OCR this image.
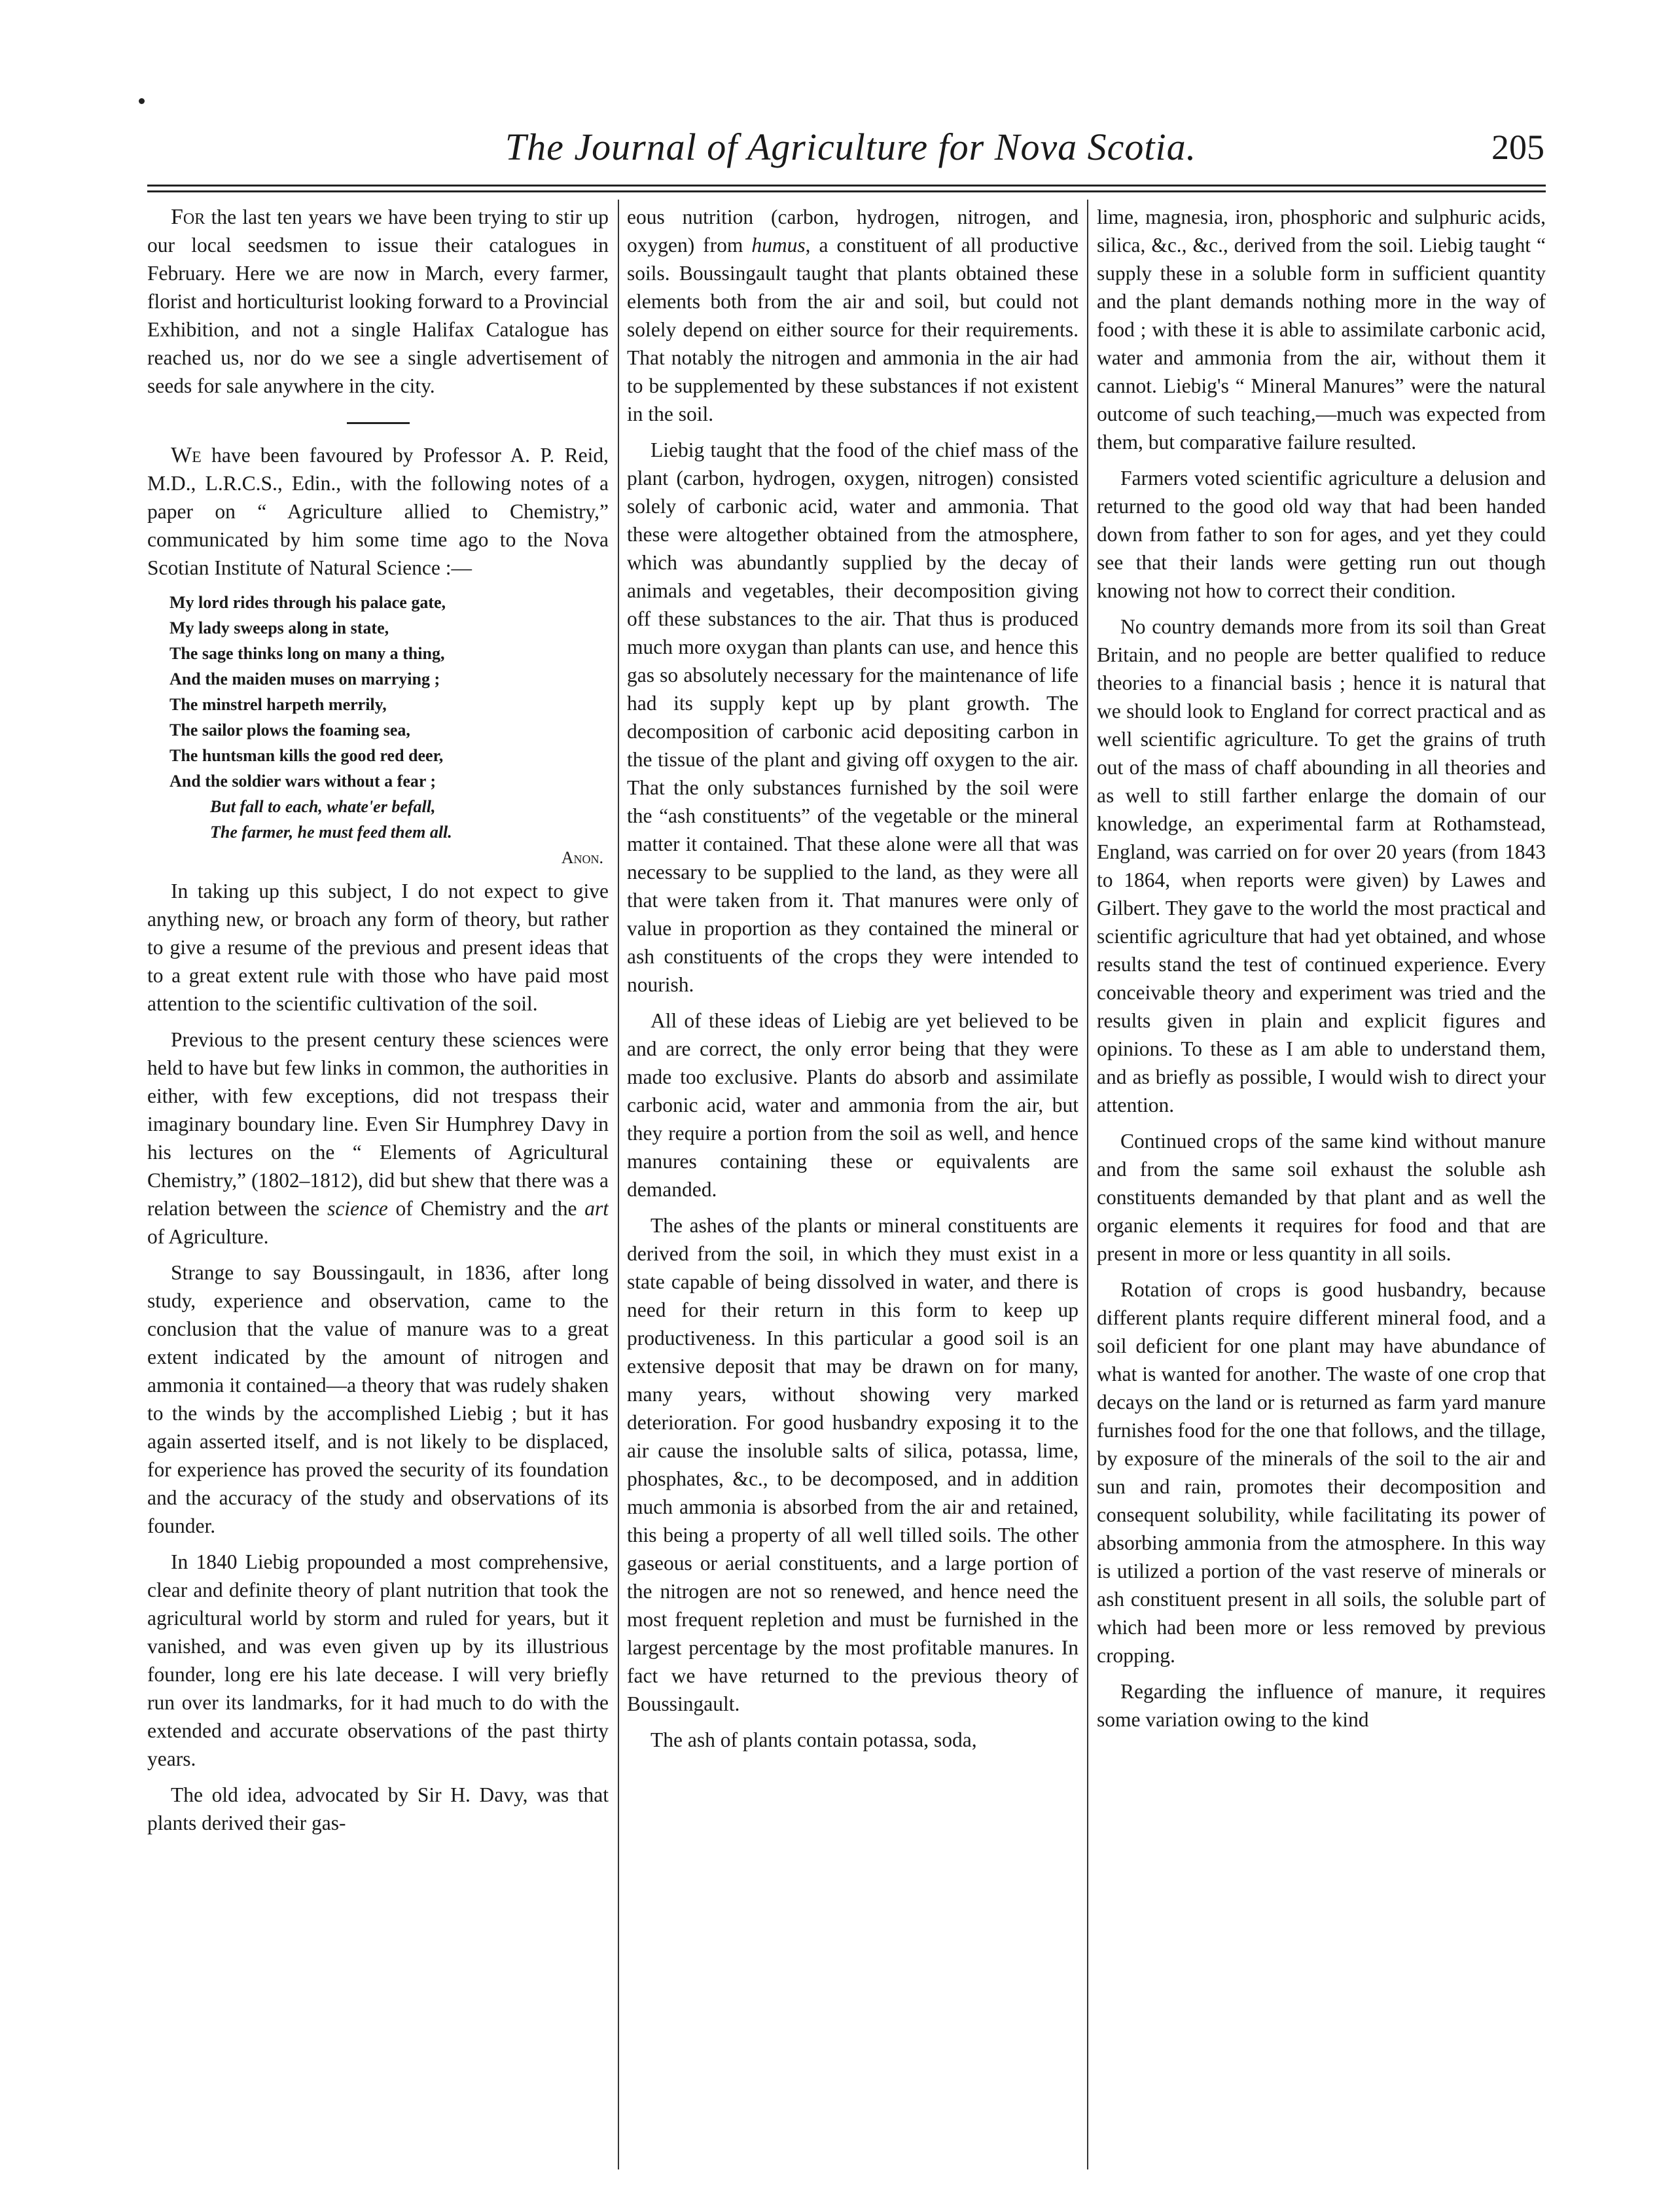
The Journal of Agriculture for Nova Scotia.	205

For the last ten years we have been trying to stir up our local seedsmen to issue their catalogues in February. Here we are now in March, every farmer, florist and horticulturist looking forward to a Provincial Exhibition, and not a single Halifax Catalogue has reached us, nor do we see a single advertisement of seeds for sale anywhere in the city.

We have been favoured by Professor A. P. Reid, M.D., L.R.C.S., Edin., with the following notes of a paper on “ Agriculture allied to Chemistry,” communicated by him some time ago to the Nova Scotian Institute of Natural Science :—

My lord rides through his palace gate,
My lady sweeps along in state,
The sage thinks long on many a thing,
And the maiden muses on marrying ;
The minstrel harpeth merrily,
The sailor plows the foaming sea,
The huntsman kills the good red deer,
And the soldier wars without a fear ;
But fall to each, whate'er befall,
The farmer, he must feed them all.
Anon.

In taking up this subject, I do not expect to give anything new, or broach any form of theory, but rather to give a resume of the previous and present ideas that to a great extent rule with those who have paid most attention to the scientific cultivation of the soil.

Previous to the present century these sciences were held to have but few links in common, the authorities in either, with few exceptions, did not trespass their imaginary boundary line. Even Sir Humphrey Davy in his lectures on the “ Elements of Agricultural Chemistry,” (1802–1812), did but shew that there was a relation between the science of Chemistry and the art of Agriculture.

Strange to say Boussingault, in 1836, after long study, experience and observation, came to the conclusion that the value of manure was to a great extent indicated by the amount of nitrogen and ammonia it contained—a theory that was rudely shaken to the winds by the accomplished Liebig ; but it has again asserted itself, and is not likely to be displaced, for experience has proved the security of its foundation and the accuracy of the study and observations of its founder.

In 1840 Liebig propounded a most comprehensive, clear and definite theory of plant nutrition that took the agricultural world by storm and ruled for years, but it vanished, and was even given up by its illustrious founder, long ere his late decease. I will very briefly run over its landmarks, for it had much to do with the extended and accurate observations of the past thirty years.

The old idea, advocated by Sir H. Davy, was that plants derived their gas-

eous nutrition (carbon, hydrogen, nitrogen, and oxygen) from humus, a constituent of all productive soils. Boussingault taught that plants obtained these elements both from the air and soil, but could not solely depend on either source for their requirements. That notably the nitrogen and ammonia in the air had to be supplemented by these substances if not existent in the soil.

Liebig taught that the food of the chief mass of the plant (carbon, hydrogen, oxygen, nitrogen) consisted solely of carbonic acid, water and ammonia. That these were altogether obtained from the atmosphere, which was abundantly supplied by the decay of animals and vegetables, their decomposition giving off these substances to the air. That thus is produced much more oxygan than plants can use, and hence this gas so absolutely necessary for the maintenance of life had its supply kept up by plant growth. The decomposition of carbonic acid depositing carbon in the tissue of the plant and giving off oxygen to the air. That the only substances furnished by the soil were the “ash constituents” of the vegetable or the mineral matter it contained. That these alone were all that was necessary to be supplied to the land, as they were all that were taken from it. That manures were only of value in proportion as they contained the mineral or ash constituents of the crops they were intended to nourish.

All of these ideas of Liebig are yet believed to be and are correct, the only error being that they were made too exclusive. Plants do absorb and assimilate carbonic acid, water and ammonia from the air, but they require a portion from the soil as well, and hence manures containing these or equivalents are demanded.

The ashes of the plants or mineral constituents are derived from the soil, in which they must exist in a state capable of being dissolved in water, and there is need for their return in this form to keep up productiveness. In this particular a good soil is an extensive deposit that may be drawn on for many, many years, without showing very marked deterioration. For good husbandry exposing it to the air cause the insoluble salts of silica, potassa, lime, phosphates, &c., to be decomposed, and in addition much ammonia is absorbed from the air and retained, this being a property of all well tilled soils. The other gaseous or aerial constituents, and a large portion of the nitrogen are not so renewed, and hence need the most frequent repletion and must be furnished in the largest percentage by the most profitable manures. In fact we have returned to the previous theory of Boussingault.

The ash of plants contain potassa, soda,

lime, magnesia, iron, phosphoric and sulphuric acids, silica, &c., &c., derived from the soil. Liebig taught “ supply these in a soluble form in sufficient quantity and the plant demands nothing more in the way of food ; with these it is able to assimilate carbonic acid, water and ammonia from the air, without them it cannot. Liebig's “ Mineral Manures” were the natural outcome of such teaching,—much was expected from them, but comparative failure resulted.

Farmers voted scientific agriculture a delusion and returned to the good old way that had been handed down from father to son for ages, and yet they could see that their lands were getting run out though knowing not how to correct their condition.

No country demands more from its soil than Great Britain, and no people are better qualified to reduce theories to a financial basis ; hence it is natural that we should look to England for correct practical and as well scientific agriculture. To get the grains of truth out of the mass of chaff abounding in all theories and as well to still farther enlarge the domain of our knowledge, an experimental farm at Rothamstead, England, was carried on for over 20 years (from 1843 to 1864, when reports were given) by Lawes and Gilbert. They gave to the world the most practical and scientific agriculture that had yet obtained, and whose results stand the test of continued experience. Every conceivable theory and experiment was tried and the results given in plain and explicit figures and opinions. To these as I am able to understand them, and as briefly as possible, I would wish to direct your attention.

Continued crops of the same kind without manure and from the same soil exhaust the soluble ash constituents demanded by that plant and as well the organic elements it requires for food and that are present in more or less quantity in all soils.

Rotation of crops is good husbandry, because different plants require different mineral food, and a soil deficient for one plant may have abundance of what is wanted for another. The waste of one crop that decays on the land or is returned as farm yard manure furnishes food for the one that follows, and the tillage, by exposure of the minerals of the soil to the air and sun and rain, promotes their decomposition and consequent solubility, while facilitating its power of absorbing ammonia from the atmosphere. In this way is utilized a portion of the vast reserve of minerals or ash constituent present in all soils, the soluble part of which had been more or less removed by previous cropping.

Regarding the influence of manure, it requires some variation owing to the kind
